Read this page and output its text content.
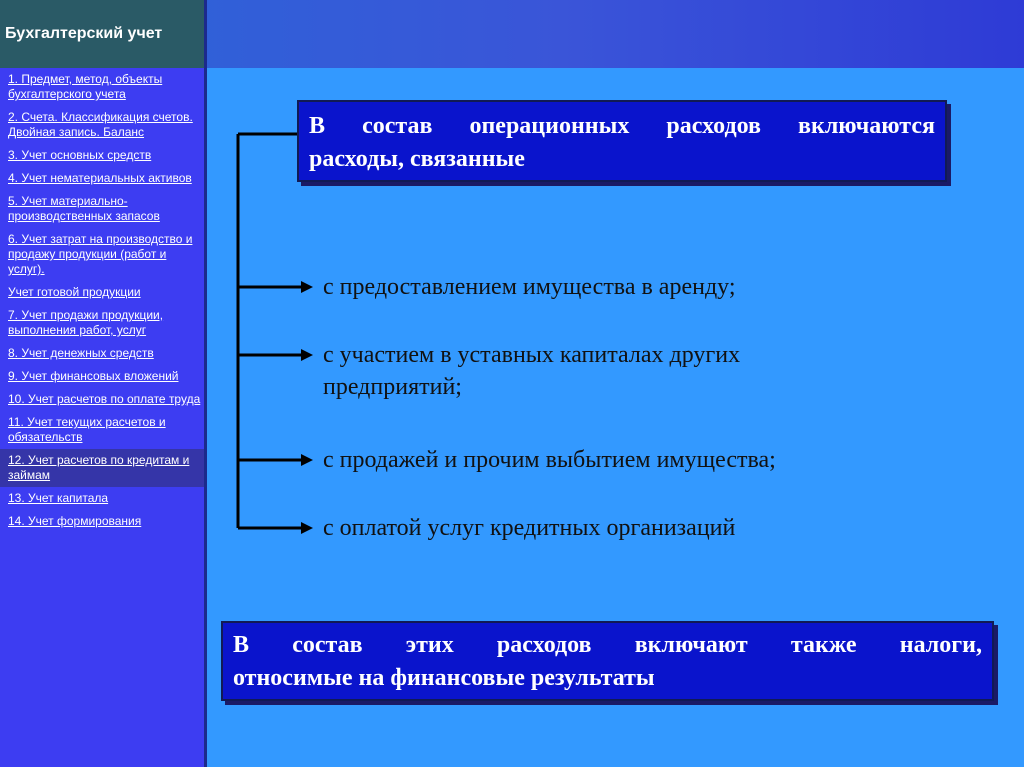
Бухгалтерский учет
1. Предмет, метод, объекты бухгалтерского учета
2. Счета. Классификация счетов. Двойная запись. Баланс
3. Учет основных средств
4. Учет нематериальных активов
5. Учет материально-производственных запасов
6. Учет затрат на производство и продажу продукции (работ и услуг).
Учет готовой продукции
7. Учет продажи продукции, выполнения работ, услуг
8. Учет денежных средств
9. Учет финансовых вложений
10. Учет расчетов по оплате труда
11. Учет текущих расчетов и обязательств
12. Учет расчетов по кредитам и займам
13. Учет капитала
14. Учет формирования
В состав операционных расходов включаются
расходы, связанные
с предоставлением имущества в аренду;
с участием в уставных капиталах других
предприятий;
с продажей и прочим выбытием имущества;
с оплатой услуг кредитных организаций
В состав этих расходов включают также налоги,
относимые на финансовые результаты
